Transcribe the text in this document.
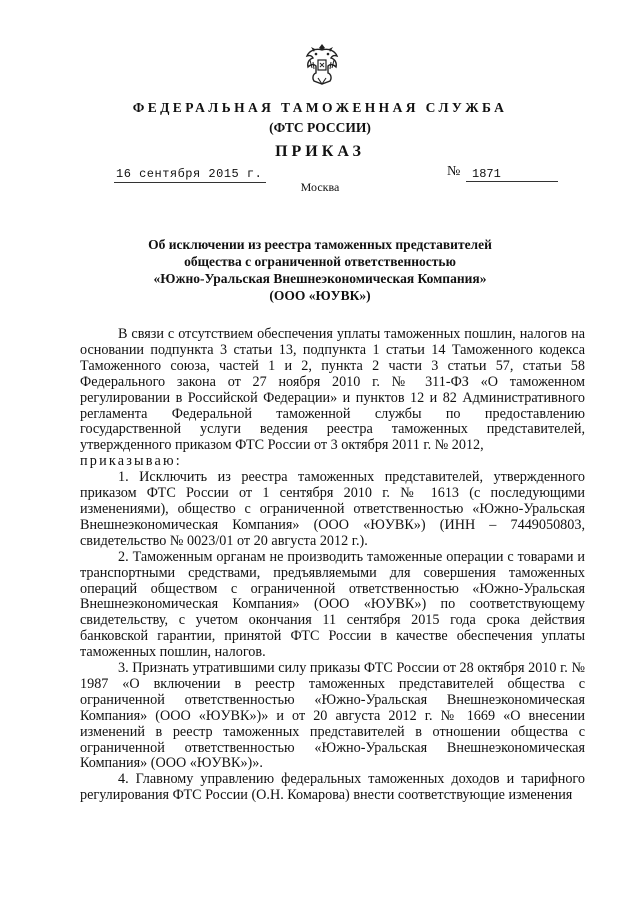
ФЕДЕРАЛЬНАЯ ТАМОЖЕННАЯ СЛУЖБА
(ФТС РОССИИ)
ПРИКАЗ
16 сентября 2015 г.	№ 1871
Москва
Об исключении из реестра таможенных представителей
общества с ограниченной ответственностью
«Южно-Уральская Внешнеэкономическая Компания»
(ООО «ЮУВК»)

В связи с отсутствием обеспечения уплаты таможенных пошлин, налогов на основании подпункта 3 статьи 13, подпункта 1 статьи 14 Таможенного кодекса Таможенного союза, частей 1 и 2, пункта 2 части 3 статьи 57, статьи 58 Федерального закона от 27 ноября 2010 г. № 311-ФЗ «О таможенном регулировании в Российской Федерации» и пунктов 12 и 82 Административного регламента Федеральной таможенной службы по предоставлению государственной услуги ведения реестра таможенных представителей, утвержденного приказом ФТС России от 3 октября 2011 г. № 2012,
приказываю:

1. Исключить из реестра таможенных представителей, утвержденного приказом ФТС России от 1 сентября 2010 г. № 1613 (с последующими изменениями), общество с ограниченной ответственностью «Южно-Уральская Внешнеэкономическая Компания» (ООО «ЮУВК») (ИНН – 7449050803, свидетельство № 0023/01 от 20 августа 2012 г.).

2. Таможенным органам не производить таможенные операции с товарами и транспортными средствами, предъявляемыми для совершения таможенных операций обществом с ограниченной ответственностью «Южно-Уральская Внешнеэкономическая Компания» (ООО «ЮУВК») по соответствующему свидетельству, с учетом окончания 11 сентября 2015 года срока действия банковской гарантии, принятой ФТС России в качестве обеспечения уплаты таможенных пошлин, налогов.

3. Признать утратившими силу приказы ФТС России от 28 октября 2010 г. № 1987 «О включении в реестр таможенных представителей общества с ограниченной ответственностью «Южно-Уральская Внешнеэкономическая Компания» (ООО «ЮУВК»)» и от 20 августа 2012 г. № 1669 «О внесении изменений в реестр таможенных представителей в отношении общества с ограниченной ответственностью «Южно-Уральская Внешнеэкономическая Компания» (ООО «ЮУВК»)».

4. Главному управлению федеральных таможенных доходов и тарифного регулирования ФТС России (О.Н. Комарова) внести соответствующие изменения
